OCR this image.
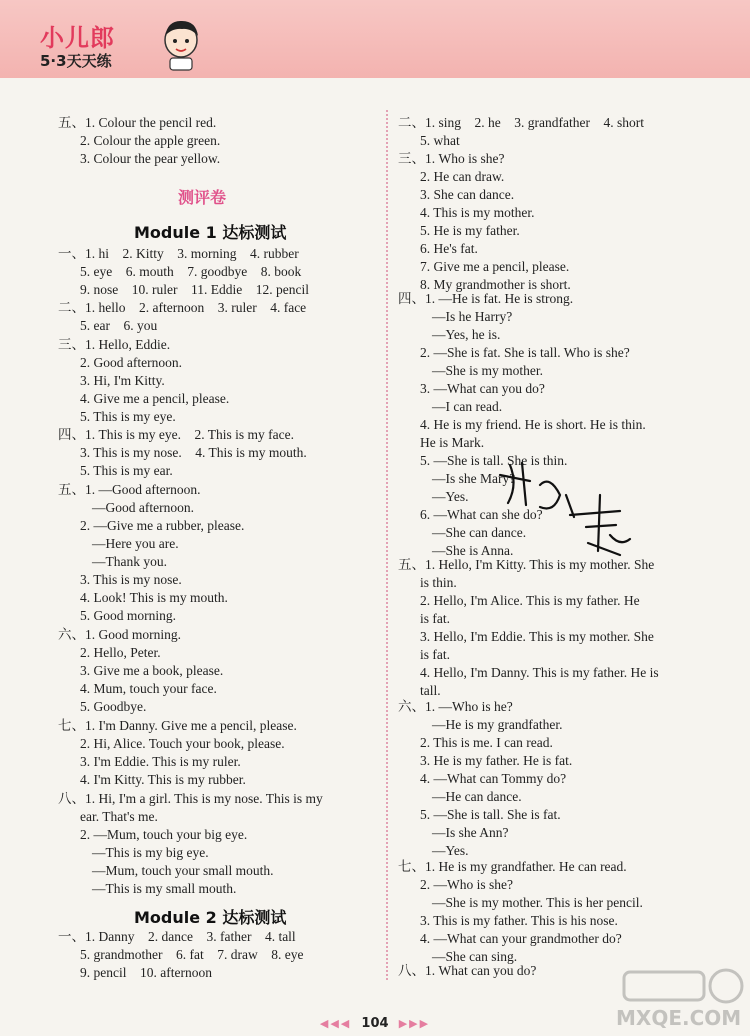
小儿郎
5·3天天练
五、1. Colour the pencil red.
2. Colour the apple green.
3. Colour the pear yellow.
一、1. hi　2. Kitty　3. morning　4. rubber
5. eye　6. mouth　7. goodbye　8. book
9. nose　10. ruler　11. Eddie　12. pencil
二、1. hello　2. afternoon　3. ruler　4. face
5. ear　6. you
三、1. Hello, Eddie.
2. Good afternoon.
3. Hi, I'm Kitty.
4. Give me a pencil, please.
5. This is my eye.
四、1. This is my eye.　2. This is my face.
3. This is my nose.　4. This is my mouth.
5. This is my ear.
五、1. —Good afternoon.
—Good afternoon.
2. —Give me a rubber, please.
—Here you are.
—Thank you.
3. This is my nose.
4. Look! This is my mouth.
5. Good morning.
六、1. Good morning.
2. Hello, Peter.
3. Give me a book, please.
4. Mum, touch your face.
5. Goodbye.
七、1. I'm Danny. Give me a pencil, please.
2. Hi, Alice. Touch your book, please.
3. I'm Eddie. This is my ruler.
4. I'm Kitty. This is my rubber.
八、1. Hi, I'm a girl. This is my nose. This is my
ear. That's me.
2. —Mum, touch your big eye.
—This is my big eye.
—Mum, touch your small mouth.
—This is my small mouth.
一、1. Danny　2. dance　3. father　4. tall
5. grandmother　6. fat　7. draw　8. eye
9. pencil　10. afternoon
测评卷
Module 1 达标测试
Module 2 达标测试
二、1. sing　2. he　3. grandfather　4. short
5. what
三、1. Who is she?
2. He can draw.
3. She can dance.
4. This is my mother.
5. He is my father.
6. He's fat.
7. Give me a pencil, please.
8. My grandmother is short.
四、1. —He is fat. He is strong.
—Is he Harry?
—Yes, he is.
2. —She is fat. She is tall. Who is she?
—She is my mother.
3. —What can you do?
—I can read.
4. He is my friend. He is short. He is thin.
He is Mark.
5. —She is tall. She is thin.
—Is she Mary?
—Yes.
6. —What can she do?
—She can dance.
—She is Anna.
五、1. Hello, I'm Kitty. This is my mother. She
is thin.
2. Hello, I'm Alice. This is my father. He
is fat.
3. Hello, I'm Eddie. This is my mother. She
is fat.
4. Hello, I'm Danny. This is my father. He is
tall.
六、1. —Who is he?
—He is my grandfather.
2. This is me. I can read.
3. He is my father. He is fat.
4. —What can Tommy do?
—He can dance.
5. —She is tall. She is fat.
—Is she Ann?
—Yes.
七、1. He is my grandfather. He can read.
2. —Who is she?
—She is my mother. This is her pencil.
3. This is my father. This is his nose.
4. —What can your grandmother do?
—She can sing.
八、1. What can you do?
◀◀◀ 104 ▶▶▶	MXQE.COM
